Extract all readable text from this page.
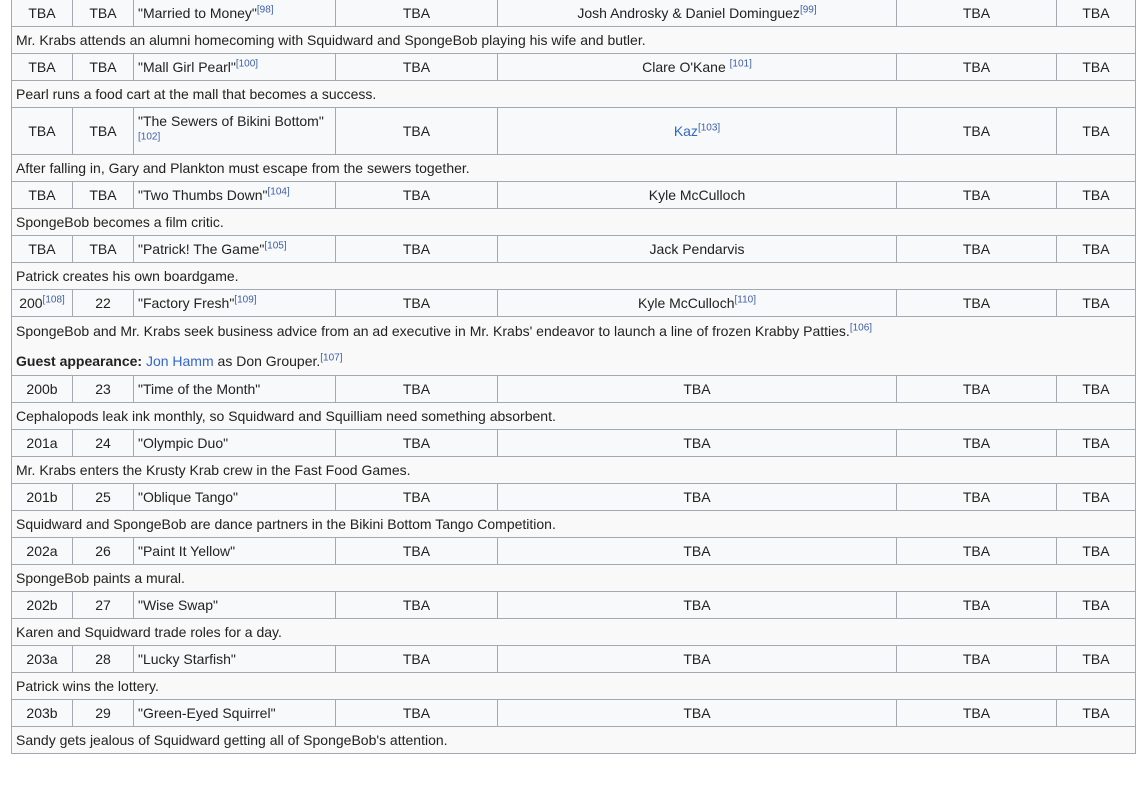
TBA	TBA	"Married to Money"[98]	TBA	Josh Androsky & Daniel Dominguez[99]	TBA	TBA
Mr. Krabs attends an alumni homecoming with Squidward and SpongeBob playing his wife and butler.						
TBA	TBA	"Mall Girl Pearl"[100]	TBA	Clare O'Kane [101]	TBA	TBA
Pearl runs a food cart at the mall that becomes a success.						
TBA	TBA	"The Sewers of Bikini Bottom"[102]	TBA	Kaz[103]	TBA	TBA
After falling in, Gary and Plankton must escape from the sewers together.						
TBA	TBA	"Two Thumbs Down"[104]	TBA	Kyle McCulloch	TBA	TBA
SpongeBob becomes a film critic.						
TBA	TBA	"Patrick! The Game"[105]	TBA	Jack Pendarvis	TBA	TBA
Patrick creates his own boardgame.						
200[108]	22	"Factory Fresh"[109]	TBA	Kyle McCulloch[110]	TBA	TBA

SpongeBob and Mr. Krabs seek business advice from an ad executive in Mr. Krabs' endeavor to launch a line of frozen Krabby Patties.[106]

Guest appearance: Jon Hamm as Don Grouper.[107]

200b	23	"Time of the Month"	TBA	TBA	TBA	TBA
Cephalopods leak ink monthly, so Squidward and Squilliam need something absorbent.						
201a	24	"Olympic Duo"	TBA	TBA	TBA	TBA
Mr. Krabs enters the Krusty Krab crew in the Fast Food Games.						
201b	25	"Oblique Tango"	TBA	TBA	TBA	TBA
Squidward and SpongeBob are dance partners in the Bikini Bottom Tango Competition.						
202a	26	"Paint It Yellow"	TBA	TBA	TBA	TBA
SpongeBob paints a mural.						
202b	27	"Wise Swap"	TBA	TBA	TBA	TBA
Karen and Squidward trade roles for a day.						
203a	28	"Lucky Starfish"	TBA	TBA	TBA	TBA
Patrick wins the lottery.						
203b	29	"Green-Eyed Squirrel"	TBA	TBA	TBA	TBA
Sandy gets jealous of Squidward getting all of SpongeBob's attention.						
